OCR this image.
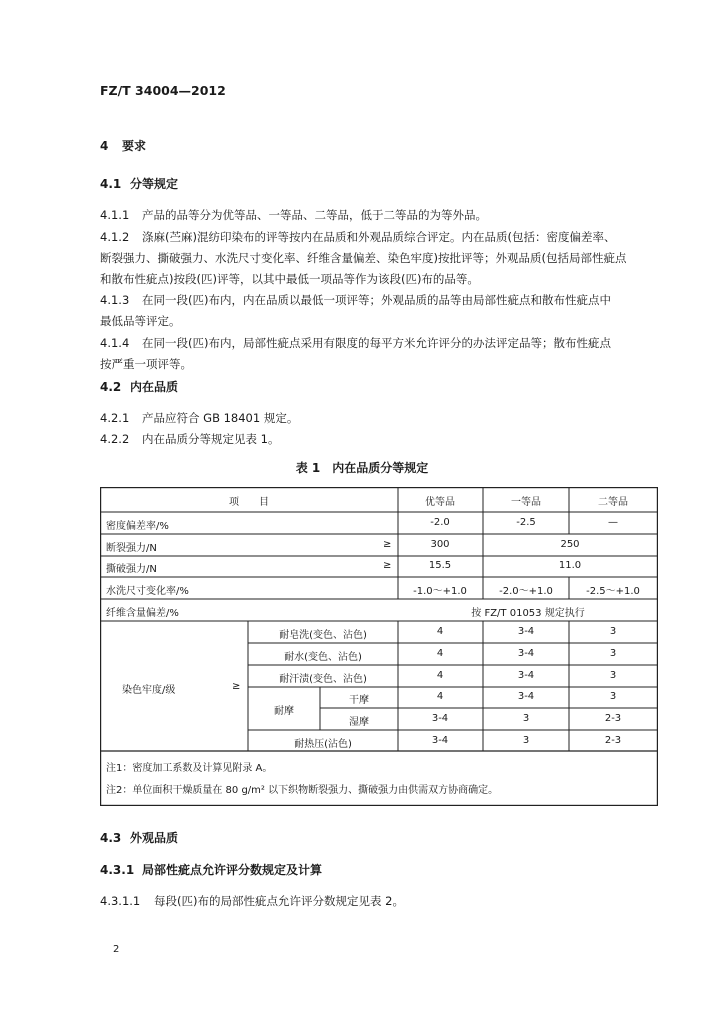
FZ/T 34004—2012
4 要求
4.1 分等规定
4.1.1 产品的品等分为优等品、一等品、二等品，低于二等品的为等外品。
4.1.2 涤麻(苎麻)混纺印染布的评等按内在品质和外观品质综合评定。内在品质(包括：密度偏差率、
断裂强力、撕破强力、水洗尺寸变化率、纤维含量偏差、染色牢度)按批评等；外观品质(包括局部性疵点
和散布性疵点)按段(匹)评等，以其中最低一项品等作为该段(匹)布的品等。
4.1.3 在同一段(匹)布内，内在品质以最低一项评等；外观品质的品等由局部性疵点和散布性疵点中
最低品等评定。
4.1.4 在同一段(匹)布内，局部性疵点采用有限度的每平方米允许评分的办法评定品等；散布性疵点
按严重一项评等。
4.2 内在品质
4.2.1 产品应符合 GB 18401 规定。
4.2.2 内在品质分等规定见表 1。
表 1　内在品质分等规定
项　　目	优等品	一等品	二等品
密度偏差率/%	-2.0	-2.5	—
断裂强力/N	≥	300	250
撕破强力/N	≥	15.5	11.0
水洗尺寸变化率/%	-1.0～+1.0	-2.0～+1.0	-2.5～+1.0
纤维含量偏差/%	按 FZ/T 01053 规定执行
染色牢度/级	≥
耐皂洗(变色、沾色)	4	3-4	3
耐水(变色、沾色)	4	3-4	3
耐汗渍(变色、沾色)	4	3-4	3
耐摩
干摩	4	3-4	3
湿摩	3-4	3	2-3
耐热压(沾色)	3-4	3	2-3
注1：密度加工系数及计算见附录 A。
注2：单位面积干燥质量在 80 g/m² 以下织物断裂强力、撕破强力由供需双方协商确定。
4.3 外观品质
4.3.1 局部性疵点允许评分数规定及计算
4.3.1.1 每段(匹)布的局部性疵点允许评分数规定见表 2。
2
